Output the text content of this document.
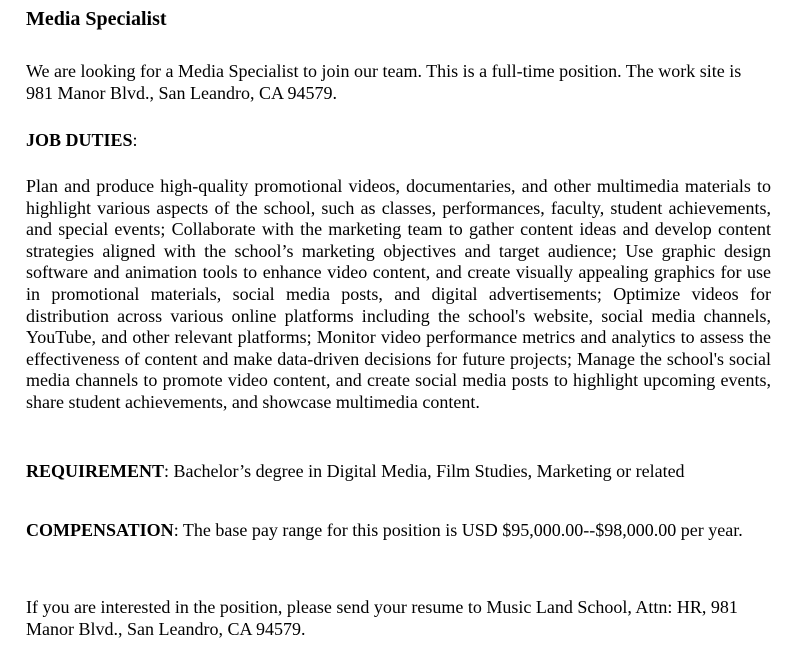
Media Specialist

We are looking for a Media Specialist to join our team. This is a full-time position. The work site is 981 Manor Blvd., San Leandro, CA 94579.

JOB DUTIES:

Plan and produce high-quality promotional videos, documentaries, and other multimedia materials to highlight various aspects of the school, such as classes, performances, faculty, student achievements, and special events; Collaborate with the marketing team to gather content ideas and develop content strategies aligned with the school’s marketing objectives and target audience; Use graphic design software and animation tools to enhance video content, and create visually appealing graphics for use in promotional materials, social media posts, and digital advertisements; Optimize videos for distribution across various online platforms including the school's website, social media channels, YouTube, and other relevant platforms; Monitor video performance metrics and analytics to assess the effectiveness of content and make data-driven decisions for future projects; Manage the school's social media channels to promote video content, and create social media posts to highlight upcoming events, share student achievements, and showcase multimedia content.

REQUIREMENT: Bachelor’s degree in Digital Media, Film Studies, Marketing or related

COMPENSATION: The base pay range for this position is USD $95,000.00--$98,000.00 per year.

If you are interested in the position, please send your resume to Music Land School, Attn: HR, 981 Manor Blvd., San Leandro, CA 94579.
